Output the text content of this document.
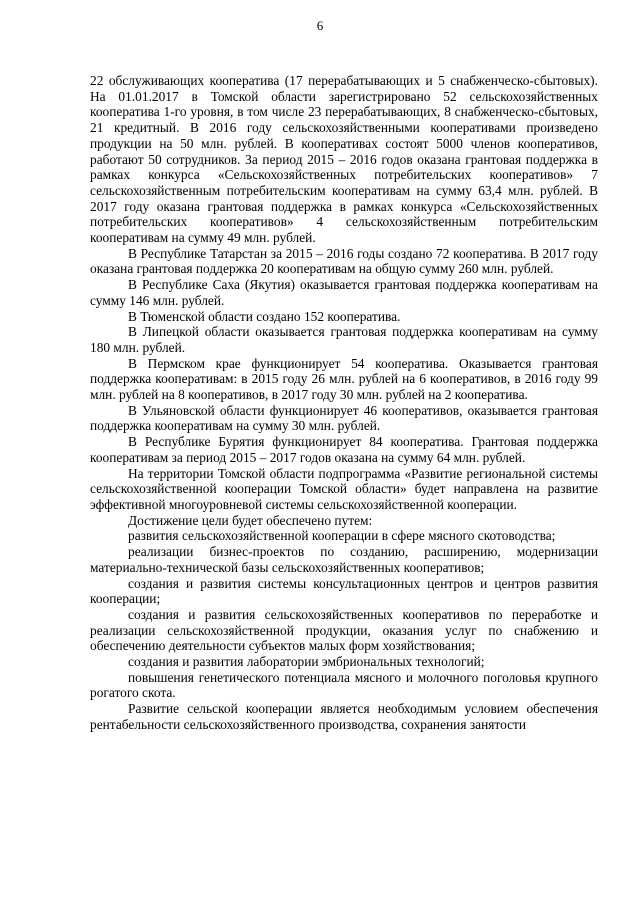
6

22 обслуживающих кооператива (17 перерабатывающих и 5 снабженческо-сбытовых). На 01.01.2017 в Томской области зарегистрировано 52 сельскохозяйственных кооператива 1-го уровня, в том числе 23 перерабатывающих, 8 снабженческо-сбытовых, 21 кредитный. В 2016 году сельскохозяйственными кооперативами произведено продукции на 50 млн. рублей. В кооперативах состоят 5000 членов кооперативов, работают 50 сотрудников. За период 2015 – 2016 годов оказана грантовая поддержка в рамках конкурса «Сельскохозяйственных потребительских кооперативов» 7 сельскохозяйственным потребительским кооперативам на сумму 63,4 млн. рублей. В 2017 году оказана грантовая поддержка в рамках конкурса «Сельскохозяйственных потребительских кооперативов» 4 сельскохозяйственным потребительским кооперативам на сумму 49 млн. рублей.

В Республике Татарстан за 2015 – 2016 годы создано 72 кооператива. В 2017 году оказана грантовая поддержка 20 кооперативам на общую сумму 260 млн. рублей.

В Республике Саха (Якутия) оказывается грантовая поддержка кооперативам на сумму 146 млн. рублей.

В Тюменской области создано 152 кооператива.

В Липецкой области оказывается грантовая поддержка кооперативам на сумму 180 млн. рублей.

В Пермском крае функционирует 54 кооператива. Оказывается грантовая поддержка кооперативам: в 2015 году 26 млн. рублей на 6 кооперативов, в 2016 году 99 млн. рублей на 8 кооперативов, в 2017 году 30 млн. рублей на 2 кооператива.

В Ульяновской области функционирует 46 кооперативов, оказывается грантовая поддержка кооперативам на сумму 30 млн. рублей.

В Республике Бурятия функционирует 84 кооператива. Грантовая поддержка кооперативам за период 2015 – 2017 годов оказана на сумму 64 млн. рублей.

На территории Томской области подпрограмма «Развитие региональной системы сельскохозяйственной кооперации Томской области» будет направлена на развитие эффективной многоуровневой системы сельскохозяйственной кооперации.

Достижение цели будет обеспечено путем:

развития сельскохозяйственной кооперации в сфере мясного скотоводства;

реализации бизнес-проектов по созданию, расширению, модернизации материально-технической базы сельскохозяйственных кооперативов;

создания и развития системы консультационных центров и центров развития кооперации;

создания и развития сельскохозяйственных кооперативов по переработке и реализации сельскохозяйственной продукции, оказания услуг по снабжению и обеспечению деятельности субъектов малых форм хозяйствования;

создания и развития лаборатории эмбриональных технологий;

повышения генетического потенциала мясного и молочного поголовья крупного рогатого скота.

Развитие сельской кооперации является необходимым условием обеспечения рентабельности сельскохозяйственного производства, сохранения занятости
